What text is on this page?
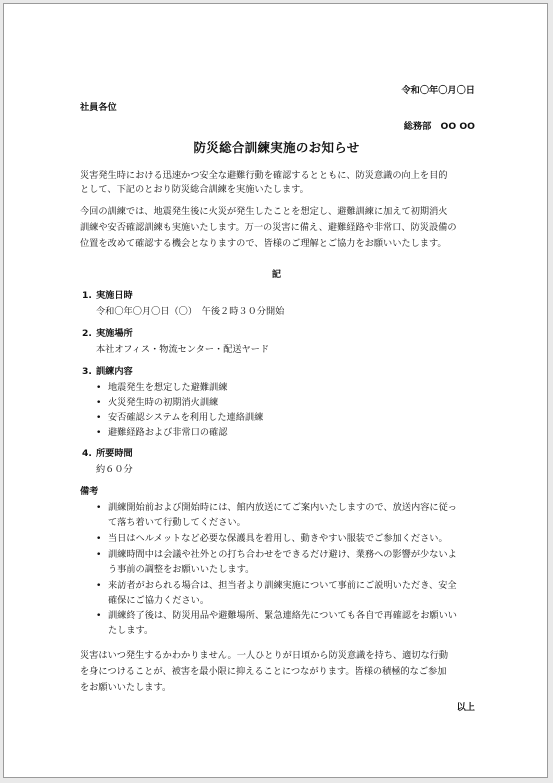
令和〇年〇月〇日
社員各位
総務部　OO OO
防災総合訓練実施のお知らせ
災害発生時における迅速かつ安全な避難行動を確認するとともに、防災意識の向上を目的
として、下記のとおり防災総合訓練を実施いたします。
今回の訓練では、地震発生後に火災が発生したことを想定し、避難訓練に加えて初期消火
訓練や安否確認訓練も実施いたします。万一の災害に備え、避難経路や非常口、防災設備の
位置を改めて確認する機会となりますので、皆様のご理解とご協力をお願いいたします。
記
1. 実施日時
令和〇年〇月〇日（〇）　午後２時３０分開始
2. 実施場所
本社オフィス・物流センター・配送ヤード
3. 訓練内容
• 地震発生を想定した避難訓練
• 火災発生時の初期消火訓練
• 安否確認システムを利用した連絡訓練
• 避難経路および非常口の確認
4. 所要時間
約６０分
備考
• 訓練開始前および開始時には、館内放送にてご案内いたしますので、放送内容に従っ
て落ち着いて行動してください。
• 当日はヘルメットなど必要な保護具を着用し、動きやすい服装でご参加ください。
• 訓練時間中は会議や社外との打ち合わせをできるだけ避け、業務への影響が少ないよ
う事前の調整をお願いいたします。
• 来訪者がおられる場合は、担当者より訓練実施について事前にご説明いただき、安全
確保にご協力ください。
• 訓練終了後は、防災用品や避難場所、緊急連絡先についても各自で再確認をお願いい
たします。
災害はいつ発生するかわかりません。一人ひとりが日頃から防災意識を持ち、適切な行動
を身につけることが、被害を最小限に抑えることにつながります。皆様の積極的なご参加
をお願いいたします。
以上
